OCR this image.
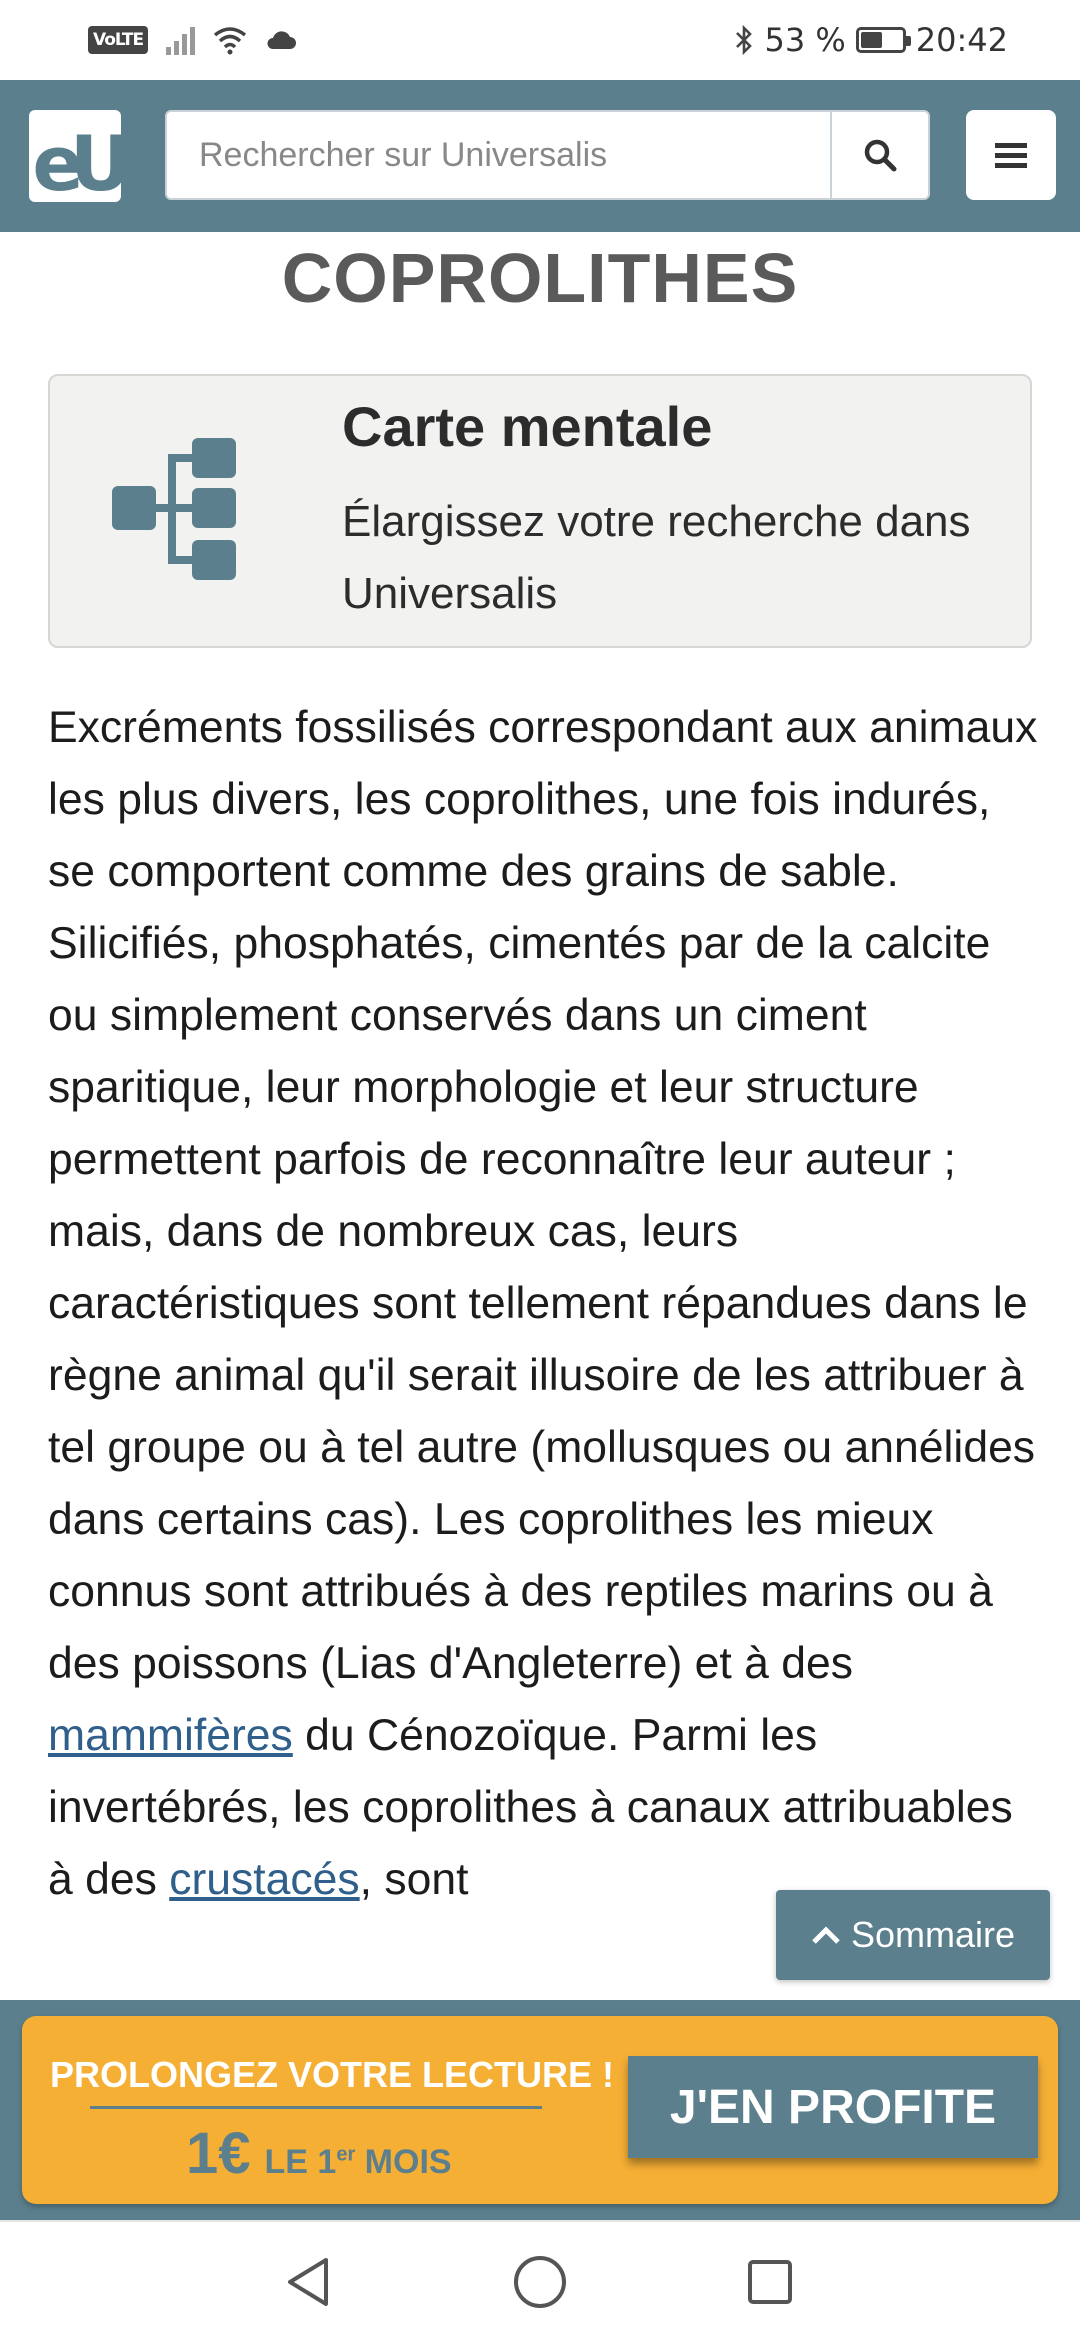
VoLTE	53 % 20:42
eU
Rechercher sur Universalis
COPROLITHES
Carte mentale
Élargissez votre recherche dans Universalis
Excréments fossilisés correspondant aux animaux les plus divers, les coprolithes, une fois indurés, se comportent comme des grains de sable. Silicifiés, phosphatés, cimentés par de la calcite ou simplement conservés dans un ciment sparitique, leur morphologie et leur structure permettent parfois de reconnaître leur auteur ; mais, dans de nombreux cas, leurs caractéristiques sont tellement répandues dans le règne animal qu'il serait illusoire de les attribuer à tel groupe ou à tel autre (mollusques ou annélides dans certains cas). Les coprolithes les mieux connus sont attribués à des reptiles marins ou à des poissons (Lias d'Angleterre) et à des mammifères du Cénozoïque. Parmi les invertébrés, les coprolithes à canaux attribuables à des crustacés, sont
Sommaire
PROLONGEZ VOTRE LECTURE !
1€ LE 1er MOIS
J'EN PROFITE
